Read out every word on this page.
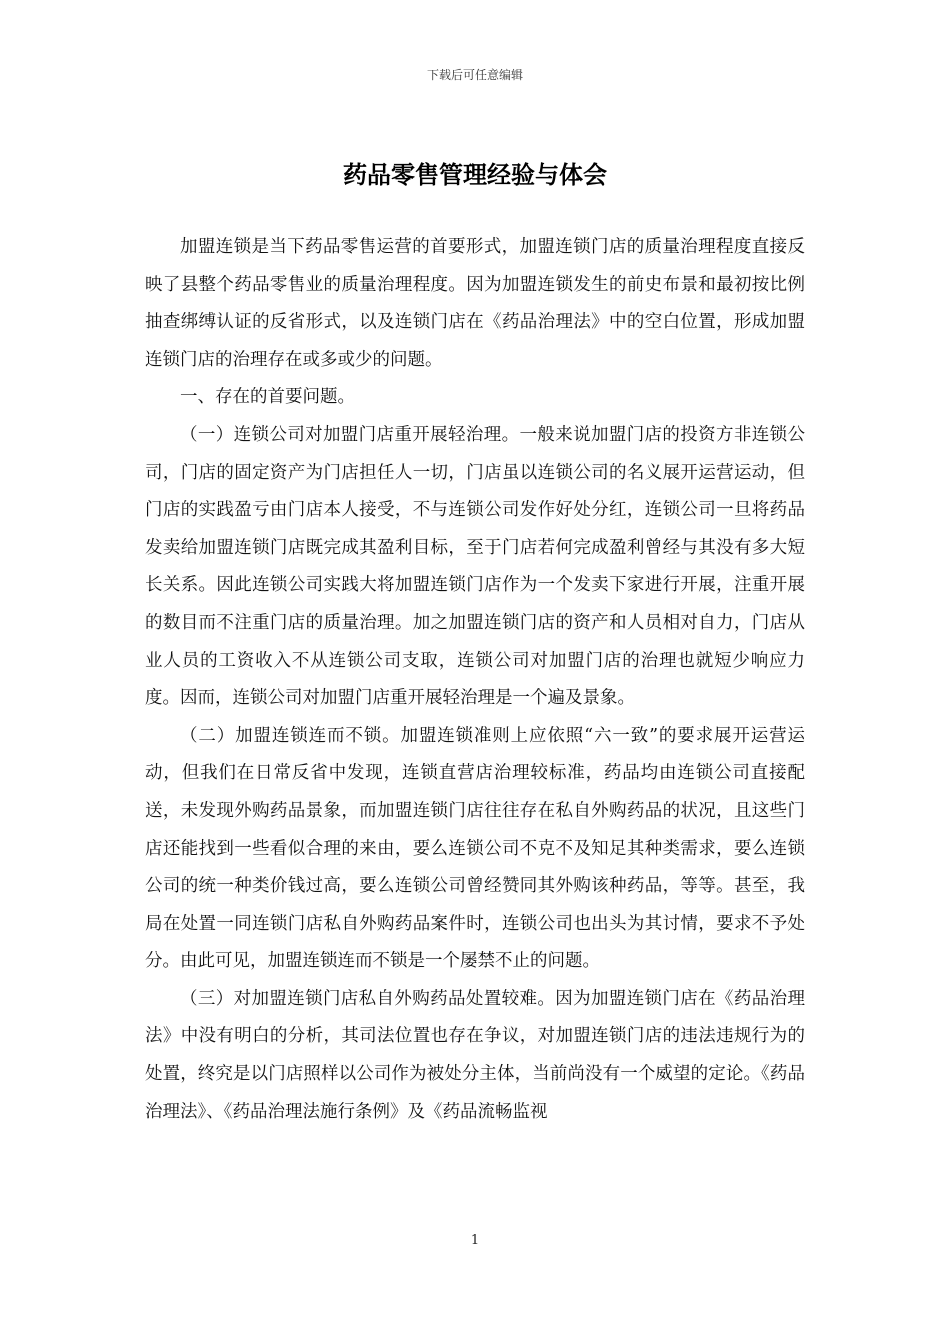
下载后可任意编辑
药品零售管理经验与体会

加盟连锁是当下药品零售运营的首要形式，加盟连锁门店的质量治理程度直接反映了县整个药品零售业的质量治理程度。因为加盟连锁发生的前史布景和最初按比例抽查绑缚认证的反省形式，以及连锁门店在《药品治理法》中的空白位置，形成加盟连锁门店的治理存在或多或少的问题。

一、存在的首要问题。

（一）连锁公司对加盟门店重开展轻治理。一般来说加盟门店的投资方非连锁公司，门店的固定资产为门店担任人一切，门店虽以连锁公司的名义展开运营运动，但门店的实践盈亏由门店本人接受，不与连锁公司发作好处分红，连锁公司一旦将药品发卖给加盟连锁门店既完成其盈利目标，至于门店若何完成盈利曾经与其没有多大短长关系。因此连锁公司实践大将加盟连锁门店作为一个发卖下家进行开展，注重开展的数目而不注重门店的质量治理。加之加盟连锁门店的资产和人员相对自力，门店从业人员的工资收入不从连锁公司支取，连锁公司对加盟门店的治理也就短少响应力度。因而，连锁公司对加盟门店重开展轻治理是一个遍及景象。

（二）加盟连锁连而不锁。加盟连锁准则上应依照“六一致”的要求展开运营运动，但我们在日常反省中发现，连锁直营店治理较标准，药品均由连锁公司直接配送，未发现外购药品景象，而加盟连锁门店往往存在私自外购药品的状况，且这些门店还能找到一些看似合理的来由，要么连锁公司不克不及知足其种类需求，要么连锁公司的统一种类价钱过高，要么连锁公司曾经赞同其外购该种药品，等等。甚至，我局在处置一同连锁门店私自外购药品案件时，连锁公司也出头为其讨情，要求不予处分。由此可见，加盟连锁连而不锁是一个屡禁不止的问题。

（三）对加盟连锁门店私自外购药品处置较难。因为加盟连锁门店在《药品治理法》中没有明白的分析，其司法位置也存在争议，对加盟连锁门店的违法违规行为的处置，终究是以门店照样以公司作为被处分主体，当前尚没有一个威望的定论。《药品治理法》、《药品治理法施行条例》及《药品流畅监视

1
